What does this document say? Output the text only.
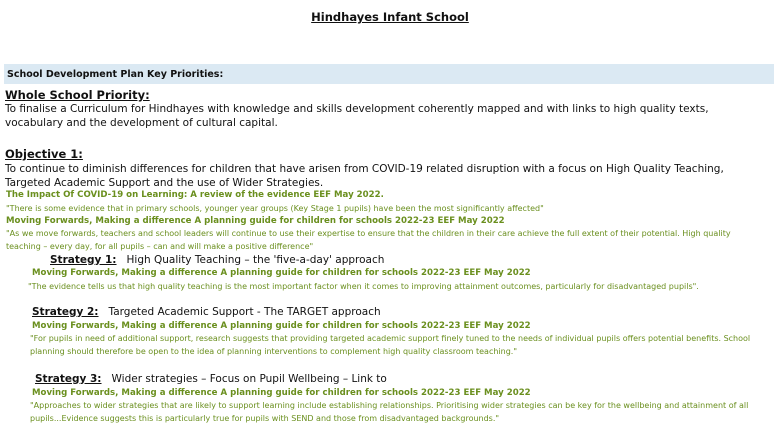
Hindhayes Infant School
School Development Plan Key Priorities:
Whole School Priority:
To finalise a Curriculum for Hindhayes with knowledge and skills development coherently mapped and with links to high quality texts, vocabulary and the development of cultural capital.
Objective 1:
To continue to diminish differences for children that have arisen from COVID-19 related disruption with a focus on High Quality Teaching, Targeted Academic Support and the use of Wider Strategies.
The Impact Of COVID-19 on Learning: A review of the evidence EEF May 2022.
"There is some evidence that in primary schools, younger year groups (Key Stage 1 pupils) have been the most significantly affected"
Moving Forwards, Making a difference A planning guide for children for schools 2022-23 EEF May 2022
"As we move forwards, teachers and school leaders will continue to use their expertise to ensure that the children in their care achieve the full extent of their potential. High quality teaching – every day, for all pupils – can and will make a positive difference"
Strategy 1: High Quality Teaching – the 'five-a-day' approach
Moving Forwards, Making a difference A planning guide for children for schools 2022-23 EEF May 2022
"The evidence tells us that high quality teaching is the most important factor when it comes to improving attainment outcomes, particularly for disadvantaged pupils".
Strategy 2: Targeted Academic Support - The TARGET approach
Moving Forwards, Making a difference A planning guide for children for schools 2022-23 EEF May 2022
"For pupils in need of additional support, research suggests that providing targeted academic support finely tuned to the needs of individual pupils offers potential benefits. School planning should therefore be open to the idea of planning interventions to complement high quality classroom teaching."
Strategy 3: Wider strategies – Focus on Pupil Wellbeing – Link to
Moving Forwards, Making a difference A planning guide for children for schools 2022-23 EEF May 2022
"Approaches to wider strategies that are likely to support learning include establishing relationships. Prioritising wider strategies can be key for the wellbeing and attainment of all pupils...Evidence suggests this is particularly true for pupils with SEND and those from disadvantaged backgrounds."
